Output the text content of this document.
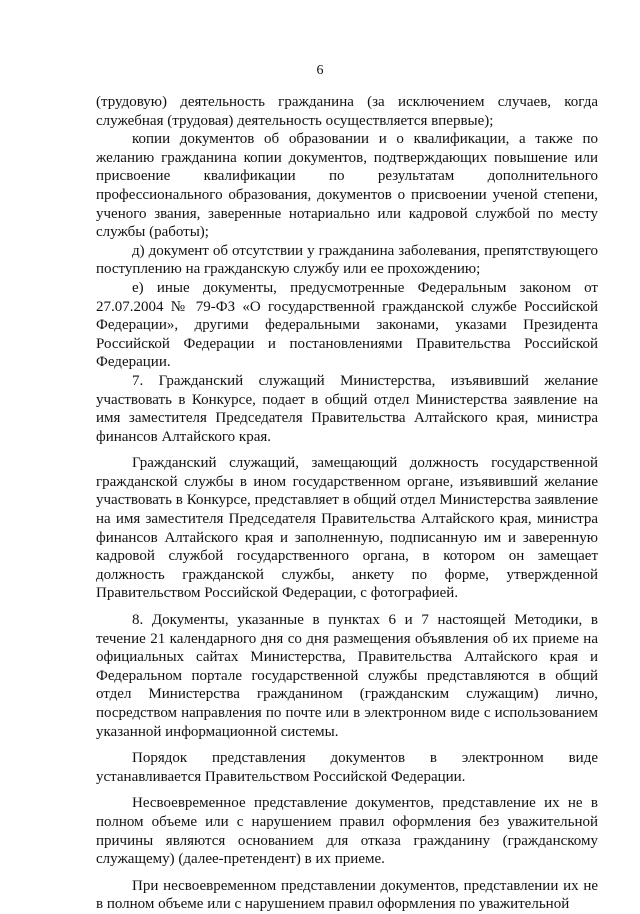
6

(трудовую) деятельность гражданина (за исключением случаев, когда служебная (трудовая) деятельность осуществляется впервые);

копии документов об образовании и о квалификации, а также по желанию гражданина копии документов, подтверждающих повышение или присвоение квалификации по результатам дополнительного профессионального образования, документов о присвоении ученой степени, ученого звания, заверенные нотариально или кадровой службой по месту службы (работы);

д) документ об отсутствии у гражданина заболевания, препятствующего поступлению на гражданскую службу или ее прохождению;

е) иные документы, предусмотренные Федеральным законом от 27.07.2004 № 79-ФЗ «О государственной гражданской службе Российской Федерации», другими федеральными законами, указами Президента Российской Федерации и постановлениями Правительства Российской Федерации.

7. Гражданский служащий Министерства, изъявивший желание участвовать в Конкурсе, подает в общий отдел Министерства заявление на имя заместителя Председателя Правительства Алтайского края, министра финансов Алтайского края.

Гражданский служащий, замещающий должность государственной гражданской службы в ином государственном органе, изъявивший желание участвовать в Конкурсе, представляет в общий отдел Министерства заявление на имя заместителя Председателя Правительства Алтайского края, министра финансов Алтайского края и заполненную, подписанную им и заверенную кадровой службой государственного органа, в котором он замещает должность гражданской службы, анкету по форме, утвержденной Правительством Российской Федерации, с фотографией.

8. Документы, указанные в пунктах 6 и 7 настоящей Методики, в течение 21 календарного дня со дня размещения объявления об их приеме на официальных сайтах Министерства, Правительства Алтайского края и Федеральном портале государственной службы представляются в общий отдел Министерства гражданином (гражданским служащим) лично, посредством направления по почте или в электронном виде с использованием указанной информационной системы.

Порядок представления документов в электронном виде устанавливается Правительством Российской Федерации.

Несвоевременное представление документов, представление их не в полном объеме или с нарушением правил оформления без уважительной причины являются основанием для отказа гражданину (гражданскому служащему) (далее-претендент) в их приеме.

При несвоевременном представлении документов, представлении их не в полном объеме или с нарушением правил оформления по уважительной
